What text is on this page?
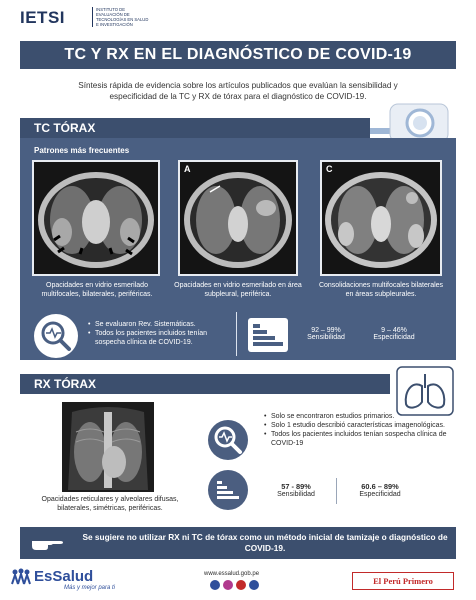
IETSI	INSTITUTO DE EVALUACIÓN DE TECNOLOGÍAS EN SALUD E INVESTIGACIÓN
TC Y RX EN EL DIAGNÓSTICO DE COVID-19
Síntesis rápida de evidencia sobre los artículos publicados que evalúan la sensibilidad y especificidad de la TC y RX de tórax para el diagnóstico de COVID-19.
TC TÓRAX
Patrones más frecuentes
A	C
Opacidades en vidrio esmerilado multifocales, bilaterales, periféricas.
Opacidades en vidrio esmerilado en área subpleural, periférica.
Consolidaciones multifocales bilaterales en áreas subpleurales.
• Se evaluaron Rev. Sistemáticas.
• Todos los pacientes incluidos tenían sospecha clínica de COVID-19.
92 – 99%
Sensibilidad
9 – 46%
Especificidad
RX TÓRAX
Opacidades reticulares y alveolares difusas, bilaterales, simétricas, periféricas.
• Solo se encontraron estudios primarios.
• Solo 1 estudio describió características imagenológicas.
• Todos los pacientes incluidos tenían sospecha clínica de COVID-19
57 - 89%
Sensibilidad
60.6 – 89%
Especificidad
Se sugiere no utilizar RX ni TC de tórax como un método inicial de tamizaje o diagnóstico de COVID-19.
EsSalud
Más y mejor para ti
www.essalud.gob.pe
El Perú Primero
